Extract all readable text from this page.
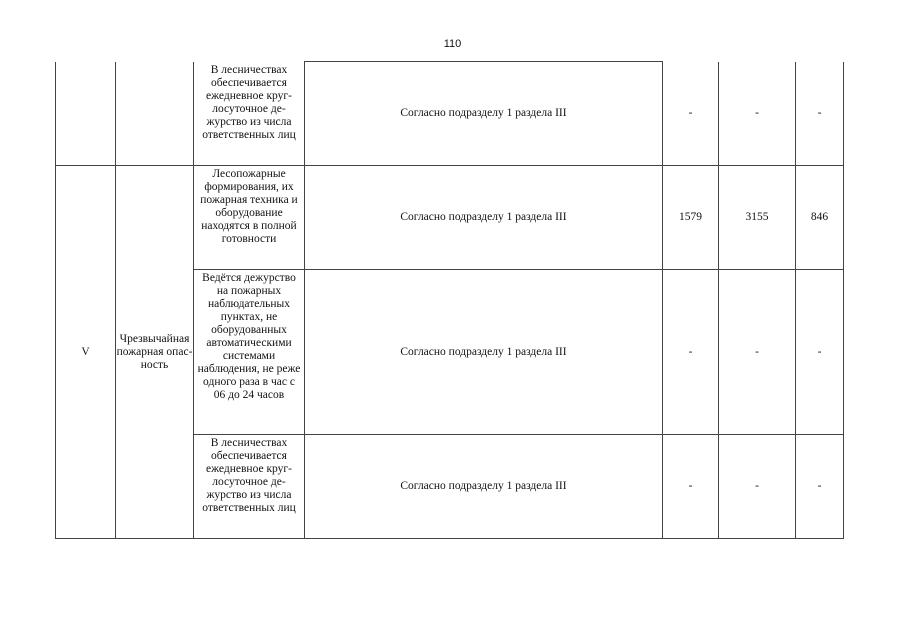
110
		В лесничествах обеспечивается ежедневное круглосуточное дежурство из числа ответственных лиц	Согласно подразделу 1 раздела III	-	-	-
V	Чрезвычайная пожарная опасность	Лесопожарные формирования, их пожарная техника и оборудование находятся в полной готовности	Согласно подразделу 1 раздела III	1579	3155	846
		Ведётся дежурство на пожарных наблюдательных пунктах, не оборудованных автоматическими системами наблюдения, не реже одного раза в час с 06 до 24 часов	Согласно подразделу 1 раздела III	-	-	-
		В лесничествах обеспечивается ежедневное круглосуточное дежурство из числа ответственных лиц	Согласно подразделу 1 раздела III	-	-	-
